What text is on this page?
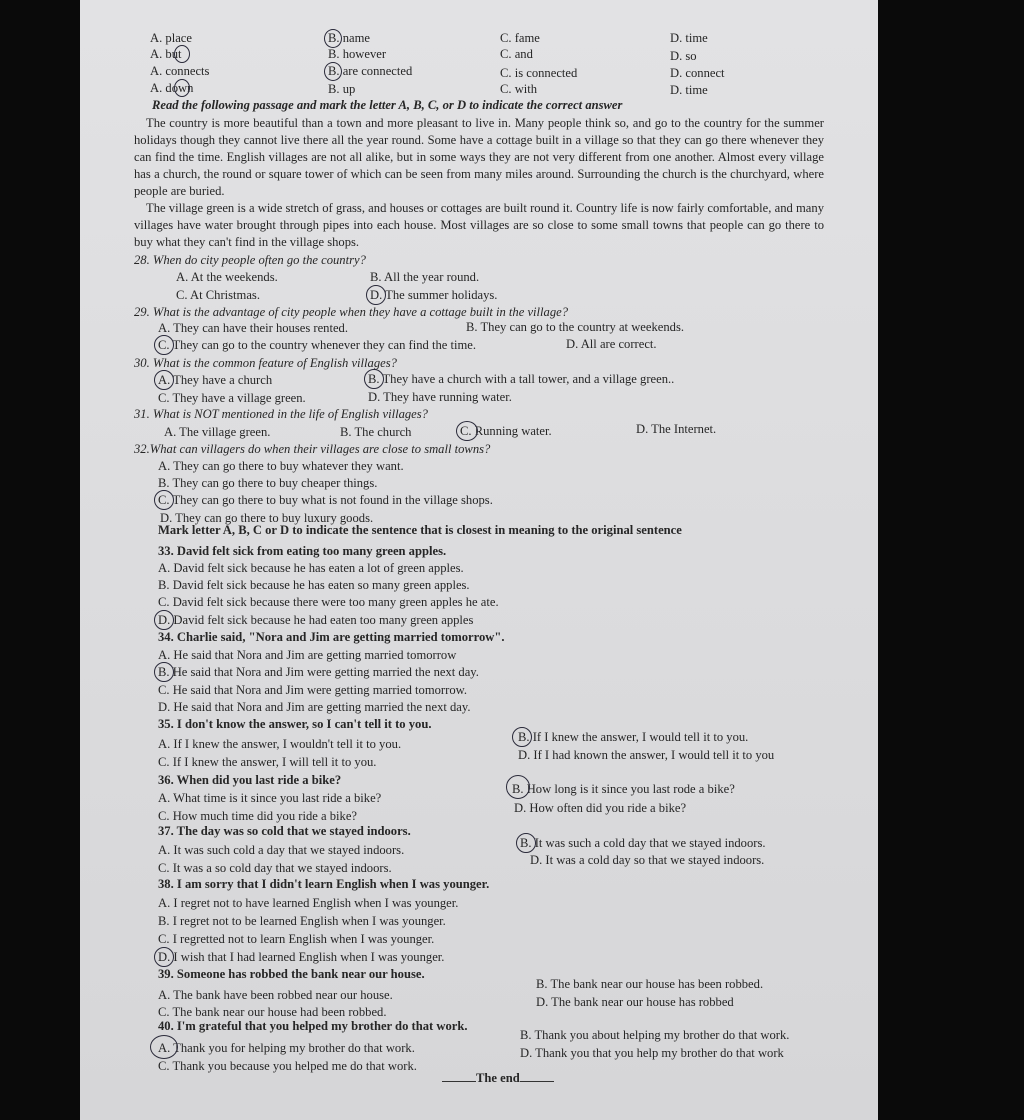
A. place	B. name	C. fame	D. time
A. but	B. however	C. and	D. so
A. connects	B. are connected	C. is connected	D. connect
A. down	B. up	C. with	D. time
Read the following passage and mark the letter A, B, C, or D to indicate the correct answer
The country is more beautiful than a town and more pleasant to live in. Many people think so, and go to the country for the summer holidays though they cannot live there all the year round. Some have a cottage built in a village so that they can go there whenever they can find the time. English villages are not all alike, but in some ways they are not very different from one another. Almost every village has a church, the round or square tower of which can be seen from many miles around. Surrounding the church is the churchyard, where people are buried.
The village green is a wide stretch of grass, and houses or cottages are built round it. Country life is now fairly comfortable, and many villages have water brought through pipes into each house. Most villages are so close to some small towns that people can go there to buy what they can't find in the village shops.
28. When do city people often go the country?
A. At the weekends.	B. All the year round.
C. At Christmas.	D. The summer holidays.
29. What is the advantage of city people when they have a cottage built in the village?
A. They can have their houses rented.	B. They can go to the country at weekends.
C. They can go to the country whenever they can find the time.	D. All are correct.
30. What is the common feature of English villages?
A. They have a church	B. They have a church with a tall tower, and a village green..
C. They have a village green.	D. They have running water.
31. What is NOT mentioned in the life of English villages?
A. The village green.	B. The church	C. Running water.	D. The Internet.
32.What can villagers do when their villages are close to small towns?
A. They can go there to buy whatever they want.
B. They can go there to buy cheaper things.
C. They can go there to buy what is not found in the village shops.
D. They can go there to buy luxury goods.
Mark letter A, B, C or D to indicate the sentence that is closest in meaning to the original sentence
33. David felt sick from eating too many green apples.
A. David felt sick because he has eaten a lot of green apples.
B. David felt sick because he has eaten so many green apples.
C. David felt sick because there were too many green apples he ate.
D. David felt sick because he had eaten too many green apples
34. Charlie said, "Nora and Jim are getting married tomorrow".
A. He said that Nora and Jim are getting married tomorrow
B. He said that Nora and Jim were getting married the next day.
C. He said that Nora and Jim were getting married tomorrow.
D. He said that Nora and Jim are getting married the next day.
35. I don't know the answer, so I can't tell it to you.
A. If I knew the answer, I wouldn't tell it to you.	B. If I knew the answer, I would tell it to you.
C. If I knew the answer, I will tell it to you.	D. If I had known the answer, I would tell it to you
36. When did you last ride a bike?
A. What time is it since you last ride a bike?
B. How long is it since you last rode a bike?
C. How much time did you ride a bike?
D. How often did you ride a bike?
37. The day was so cold that we stayed indoors.
A. It was such cold a day that we stayed indoors.	B. It was such a cold day that we stayed indoors.
C. It was a so cold day that we stayed indoors.
D. It was a cold day so that we stayed indoors.
38. I am sorry that I didn't learn English when I was younger.
A. I regret not to have learned English when I was younger.
B. I regret not to be learned English when I was younger.
C. I regretted not to learn English when I was younger.
D. I wish that I had learned English when I was younger.
39. Someone has robbed the bank near our house.
A. The bank have been robbed near our house.
B. The bank near our house has been robbed.
C. The bank near our house had been robbed.
D. The bank near our house has robbed
40. I'm grateful that you helped my brother do that work.
A. Thank you for helping my brother do that work.
B. Thank you about helping my brother do that work.
C. Thank you because you helped me do that work.
D. Thank you that you help my brother do that work
The end
